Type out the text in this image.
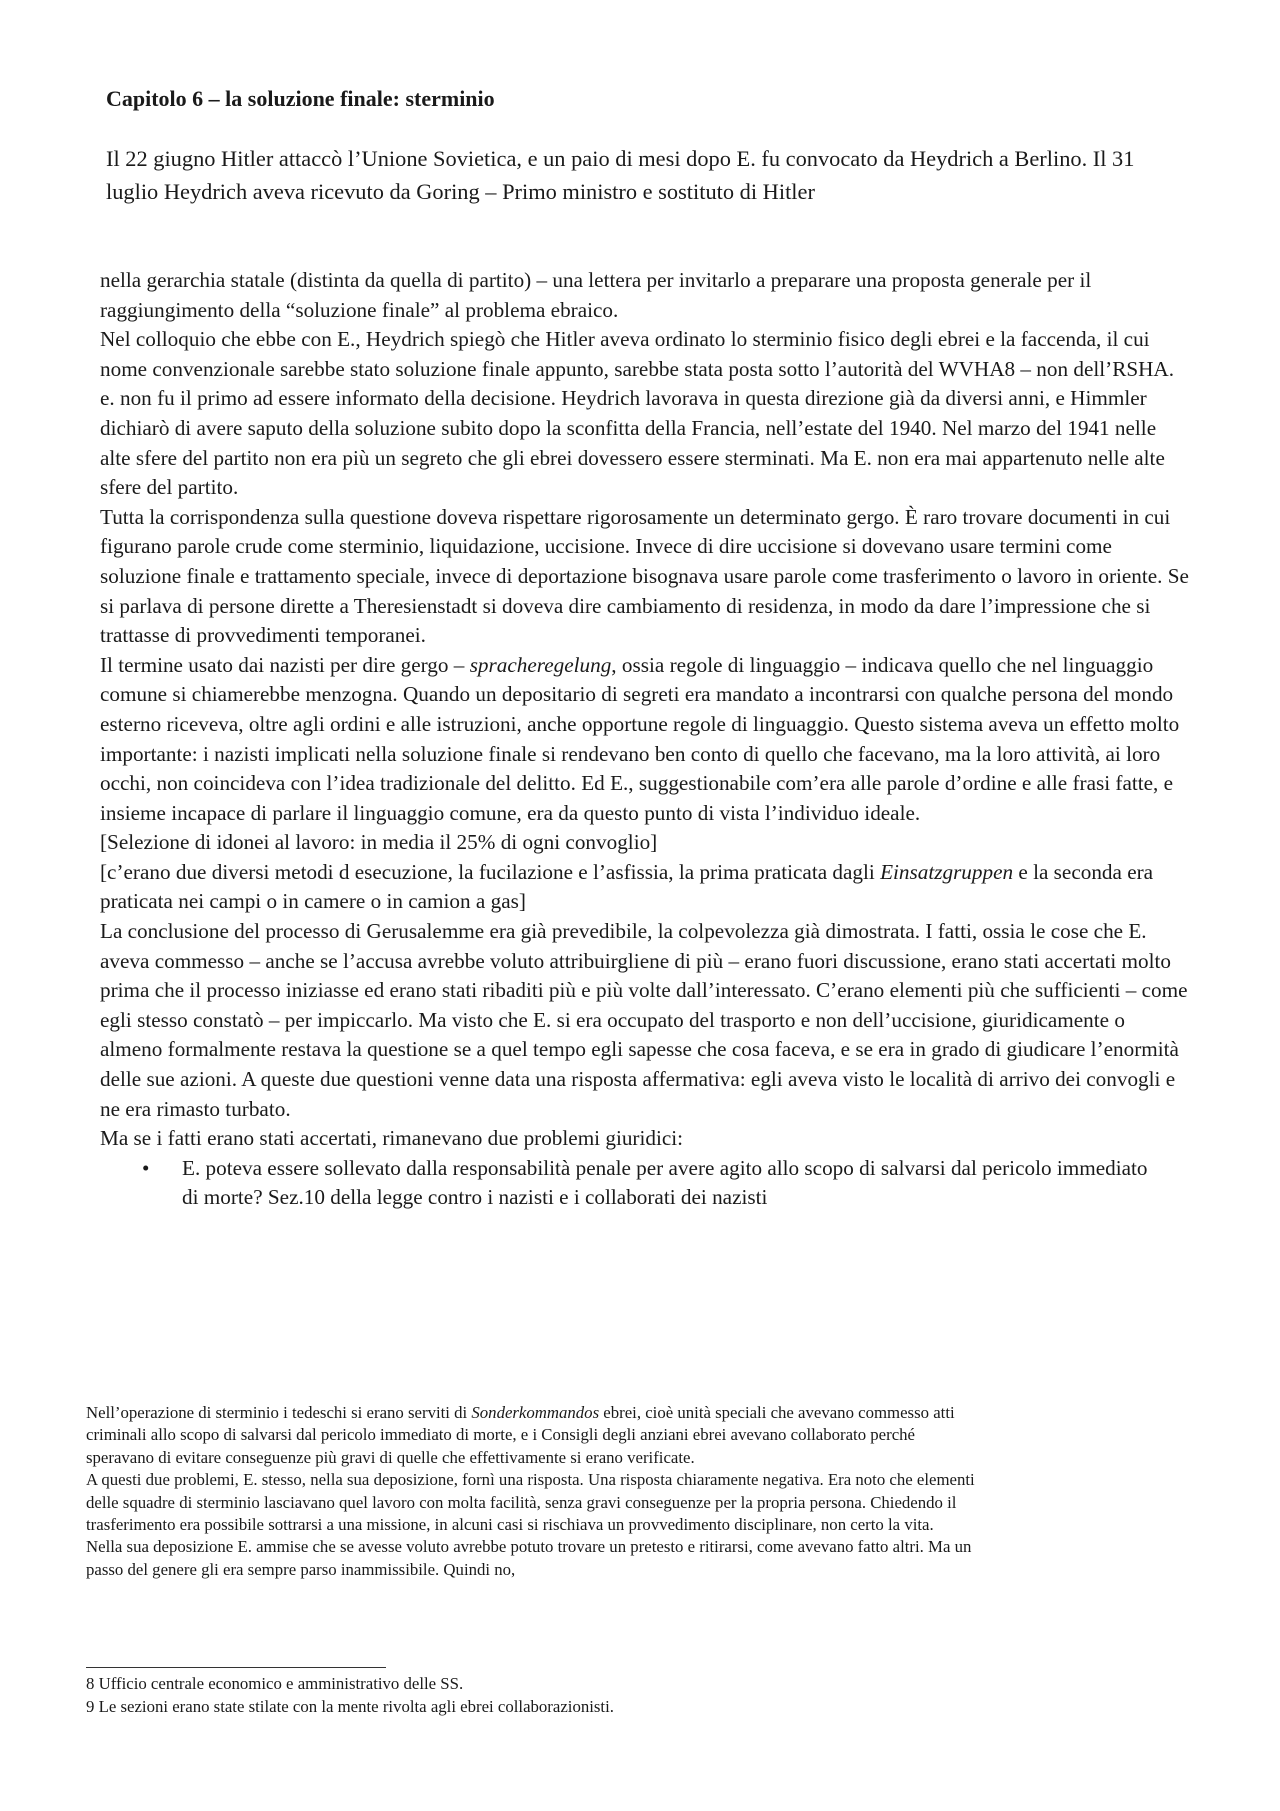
Capitolo 6 – la soluzione finale: sterminio

Il 22 giugno Hitler attaccò l’Unione Sovietica, e un paio di mesi dopo E. fu convocato da Heydrich a Berlino. Il 31 luglio Heydrich aveva ricevuto da Goring – Primo ministro e sostituto di Hitler

nella gerarchia statale (distinta da quella di partito) – una lettera per invitarlo a preparare una proposta generale per il raggiungimento della “soluzione finale” al problema ebraico.

Nel colloquio che ebbe con E., Heydrich spiegò che Hitler aveva ordinato lo sterminio fisico degli ebrei e la faccenda, il cui nome convenzionale sarebbe stato soluzione finale appunto, sarebbe stata posta sotto l’autorità del WVHA8 – non dell’RSHA.

e. non fu il primo ad essere informato della decisione. Heydrich lavorava in questa direzione già da diversi anni, e Himmler dichiarò di avere saputo della soluzione subito dopo la sconfitta della Francia, nell’estate del 1940. Nel marzo del 1941 nelle alte sfere del partito non era più un segreto che gli ebrei dovessero essere sterminati. Ma E. non era mai appartenuto nelle alte sfere del partito.

Tutta la corrispondenza sulla questione doveva rispettare rigorosamente un determinato gergo. È raro trovare documenti in cui figurano parole crude come sterminio, liquidazione, uccisione. Invece di dire uccisione si dovevano usare termini come soluzione finale e trattamento speciale, invece di deportazione bisognava usare parole come trasferimento o lavoro in oriente. Se si parlava di persone dirette a Theresienstadt si doveva dire cambiamento di residenza, in modo da dare l’impressione che si trattasse di provvedimenti temporanei.

Il termine usato dai nazisti per dire gergo – spracheregelung, ossia regole di linguaggio – indicava quello che nel linguaggio comune si chiamerebbe menzogna. Quando un depositario di segreti era mandato a incontrarsi con qualche persona del mondo esterno riceveva, oltre agli ordini e alle istruzioni, anche opportune regole di linguaggio. Questo sistema aveva un effetto molto importante: i nazisti implicati nella soluzione finale si rendevano ben conto di quello che facevano, ma la loro attività, ai loro occhi, non coincideva con l’idea tradizionale del delitto. Ed E., suggestionabile com’era alle parole d’ordine e alle frasi fatte, e insieme incapace di parlare il linguaggio comune, era da questo punto di vista l’individuo ideale.

[Selezione di idonei al lavoro: in media il 25% di ogni convoglio]

[c’erano due diversi metodi d esecuzione, la fucilazione e l’asfissia, la prima praticata dagli Einsatzgruppen e la seconda era praticata nei campi o in camere o in camion a gas]

La conclusione del processo di Gerusalemme era già prevedibile, la colpevolezza già dimostrata. I fatti, ossia le cose che E. aveva commesso – anche se l’accusa avrebbe voluto attribuirgliene di più – erano fuori discussione, erano stati accertati molto prima che il processo iniziasse ed erano stati ribaditi più e più volte dall’interessato. C’erano elementi più che sufficienti – come egli stesso constatò – per impiccarlo. Ma visto che E. si era occupato del trasporto e non dell’uccisione, giuridicamente o almeno formalmente restava la questione se a quel tempo egli sapesse che cosa faceva, e se era in grado di giudicare l’enormità delle sue azioni. A queste due questioni venne data una risposta affermativa: egli aveva visto le località di arrivo dei convogli e ne era rimasto turbato.

Ma se i fatti erano stati accertati, rimanevano due problemi giuridici:

• E. poteva essere sollevato dalla responsabilità penale per avere agito allo scopo di salvarsi dal pericolo immediato di morte? Sez.10 della legge contro i nazisti e i collaborati dei nazisti

Nell’operazione di sterminio i tedeschi si erano serviti di Sonderkommandos ebrei, cioè unità speciali che avevano commesso atti criminali allo scopo di salvarsi dal pericolo immediato di morte, e i Consigli degli anziani ebrei avevano collaborato perché speravano di evitare conseguenze più gravi di quelle che effettivamente si erano verificate.

A questi due problemi, E. stesso, nella sua deposizione, fornì una risposta. Una risposta chiaramente negativa. Era noto che elementi delle squadre di sterminio lasciavano quel lavoro con molta facilità, senza gravi conseguenze per la propria persona. Chiedendo il trasferimento era possibile sottrarsi a una missione, in alcuni casi si rischiava un provvedimento disciplinare, non certo la vita.

Nella sua deposizione E. ammise che se avesse voluto avrebbe potuto trovare un pretesto e ritirarsi, come avevano fatto altri. Ma un passo del genere gli era sempre parso inammissibile. Quindi no,

8 Ufficio centrale economico e amministrativo delle SS.

9 Le sezioni erano state stilate con la mente rivolta agli ebrei collaborazionisti.
